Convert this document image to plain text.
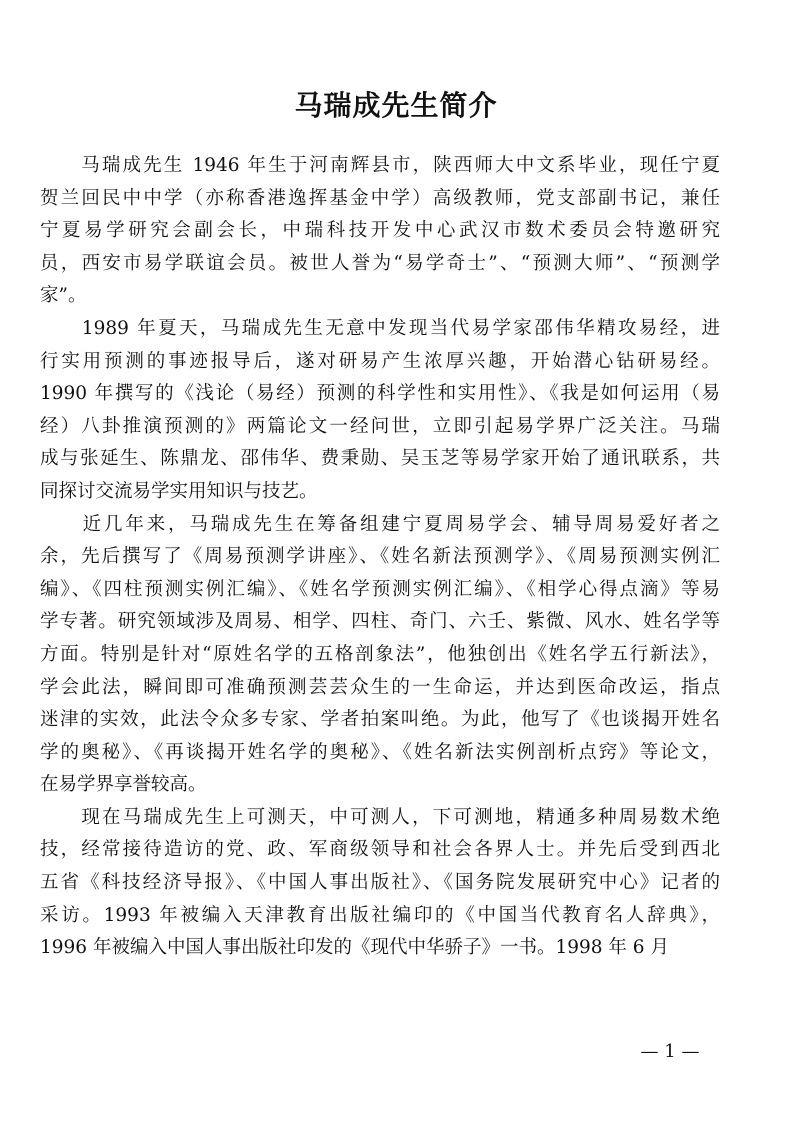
马瑞成先生简介
　　马瑞成先生 1946 年生于河南辉县市，陕西师大中文系毕业，现任宁夏
贺兰回民中中学（亦称香港逸挥基金中学）高级教师，党支部副书记，兼任
宁夏易学研究会副会长，中瑞科技开发中心武汉市数术委员会特邀研究
员，西安市易学联谊会员。被世人誉为“易学奇士”、“预测大师”、“预测学
家”。
　　1989 年夏天，马瑞成先生无意中发现当代易学家邵伟华精攻易经，进
行实用预测的事迹报导后，遂对研易产生浓厚兴趣，开始潜心钻研易经。
1990 年撰写的《浅论（易经）预测的科学性和实用性》、《我是如何运用（易
经）八卦推演预测的》两篇论文一经问世，立即引起易学界广泛关注。马瑞
成与张延生、陈鼎龙、邵伟华、费秉勋、吴玉芝等易学家开始了通讯联系，共
同探讨交流易学实用知识与技艺。
　　近几年来，马瑞成先生在筹备组建宁夏周易学会、辅导周易爱好者之
余，先后撰写了《周易预测学讲座》、《姓名新法预测学》、《周易预测实例汇
编》、《四柱预测实例汇编》、《姓名学预测实例汇编》、《相学心得点滴》等易
学专著。研究领域涉及周易、相学、四柱、奇门、六壬、紫微、风水、姓名学等
方面。特别是针对“原姓名学的五格剖象法”，他独创出《姓名学五行新法》，
学会此法，瞬间即可准确预测芸芸众生的一生命运，并达到医命改运，指点
迷津的实效，此法令众多专家、学者拍案叫绝。为此，他写了《也谈揭开姓名
学的奥秘》、《再谈揭开姓名学的奥秘》、《姓名新法实例剖析点窍》等论文，
在易学界享誉较高。
　　现在马瑞成先生上可测天，中可测人，下可测地，精通多种周易数术绝
技，经常接待造访的党、政、军商级领导和社会各界人士。并先后受到西北
五省《科技经济导报》、《中国人事出版社》、《国务院发展研究中心》记者的
采访。1993 年被编入天津教育出版社编印的《中国当代教育名人辞典》，
1996 年被编入中国人事出版社印发的《现代中华骄子》一书。1998 年 6 月
— 1 —
